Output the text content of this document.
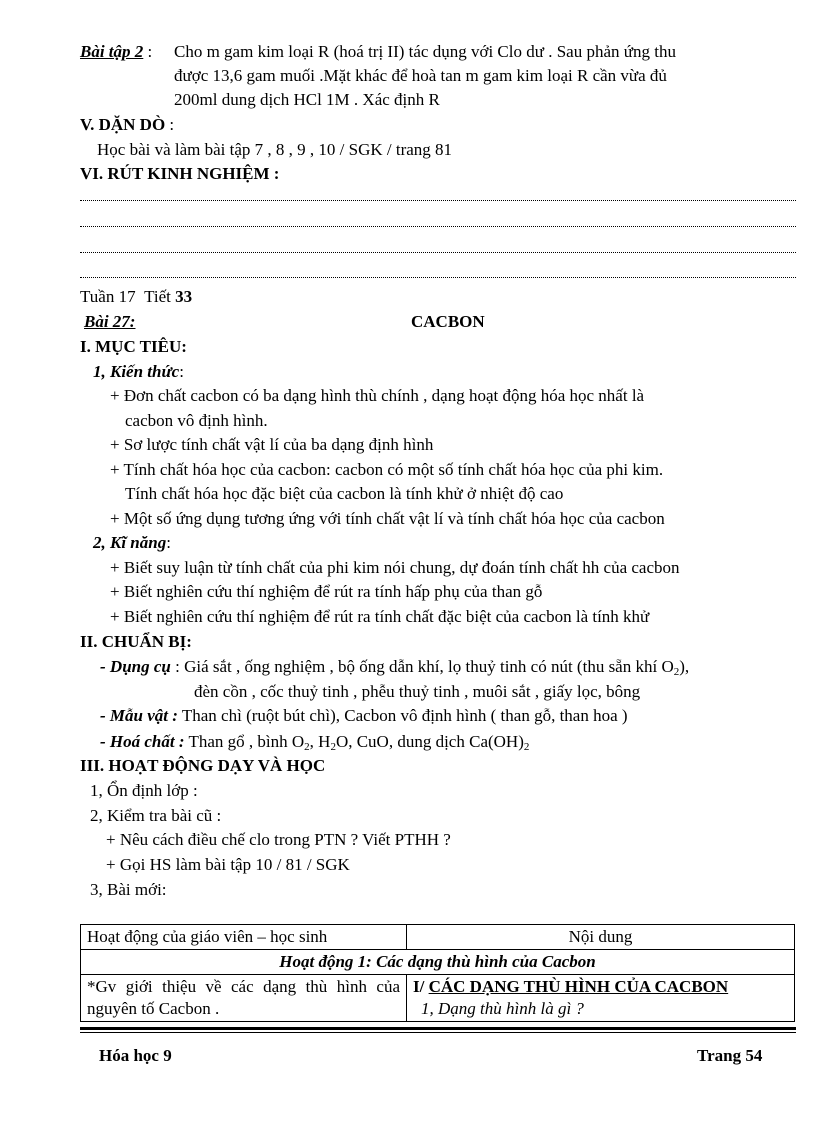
Bài tập 2 : Cho m gam kim loại R (hoá trị II) tác dụng với Clo dư . Sau phản ứng thu
được 13,6 gam muối .Mặt khác để hoà tan m gam kim loại R cần vừa đủ
200ml dung dịch HCl 1M . Xác định R
V. DẶN DÒ :
Học bài và làm bài tập 7 , 8 , 9 , 10 / SGK / trang 81
VI. RÚT KINH NGHIỆM :
Tuần 17 Tiết 33
Bài 27:	CACBON
I. MỤC TIÊU:
1, Kiến thức:
+ Đơn chất cacbon có ba dạng hình thù chính , dạng hoạt động hóa học nhất là
cacbon vô định hình.
+ Sơ lược tính chất vật lí của ba dạng định hình
+ Tính chất hóa học của cacbon: cacbon có một số tính chất hóa học của phi kim.
Tính chất hóa học đặc biệt của cacbon là tính khử ở nhiệt độ cao
+ Một số ứng dụng tương ứng với tính chất vật lí và tính chất hóa học của cacbon
2, Kĩ năng:
+ Biết suy luận từ tính chất của phi kim nói chung, dự đoán tính chất hh của cacbon
+ Biết nghiên cứu thí nghiệm để rút ra tính hấp phụ của than gỗ
+ Biết nghiên cứu thí nghiệm để rút ra tính chất đặc biệt của cacbon là tính khử
II. CHUẨN BỊ:
- Dụng cụ : Giá sắt , ống nghiệm , bộ ống dẫn khí, lọ thuỷ tinh có nút (thu sẵn khí $O_2$),
đèn cồn , cốc thuỷ tinh , phễu thuỷ tinh , muôi sắt , giấy lọc, bông
- Mẫu vật : Than chì (ruột bút chì), Cacbon vô định hình ( than gỗ, than hoa )
- Hoá chất : Than gổ , bình $O_2$, $H_2O$, CuO, dung dịch $Ca(OH)_2$
III. HOẠT ĐỘNG DẠY VÀ HỌC
1, Ổn định lớp :
2, Kiểm tra bài cũ :
+ Nêu cách điều chế clo trong PTN ? Viết PTHH ?
+ Gọi HS làm bài tập 10 / 81 / SGK
3, Bài mới:
Hoạt động của giáo viên – học sinh	Nội dung
Hoạt động 1: Các dạng thù hình của Cacbon	
*Gv giới thiệu về các dạng thù hình của nguyên tố Cacbon .	I/ CÁC DẠNG THÙ HÌNH CỦA CACBON
1, Dạng thù hình là gì ?
Hóa học 9	Trang 54
